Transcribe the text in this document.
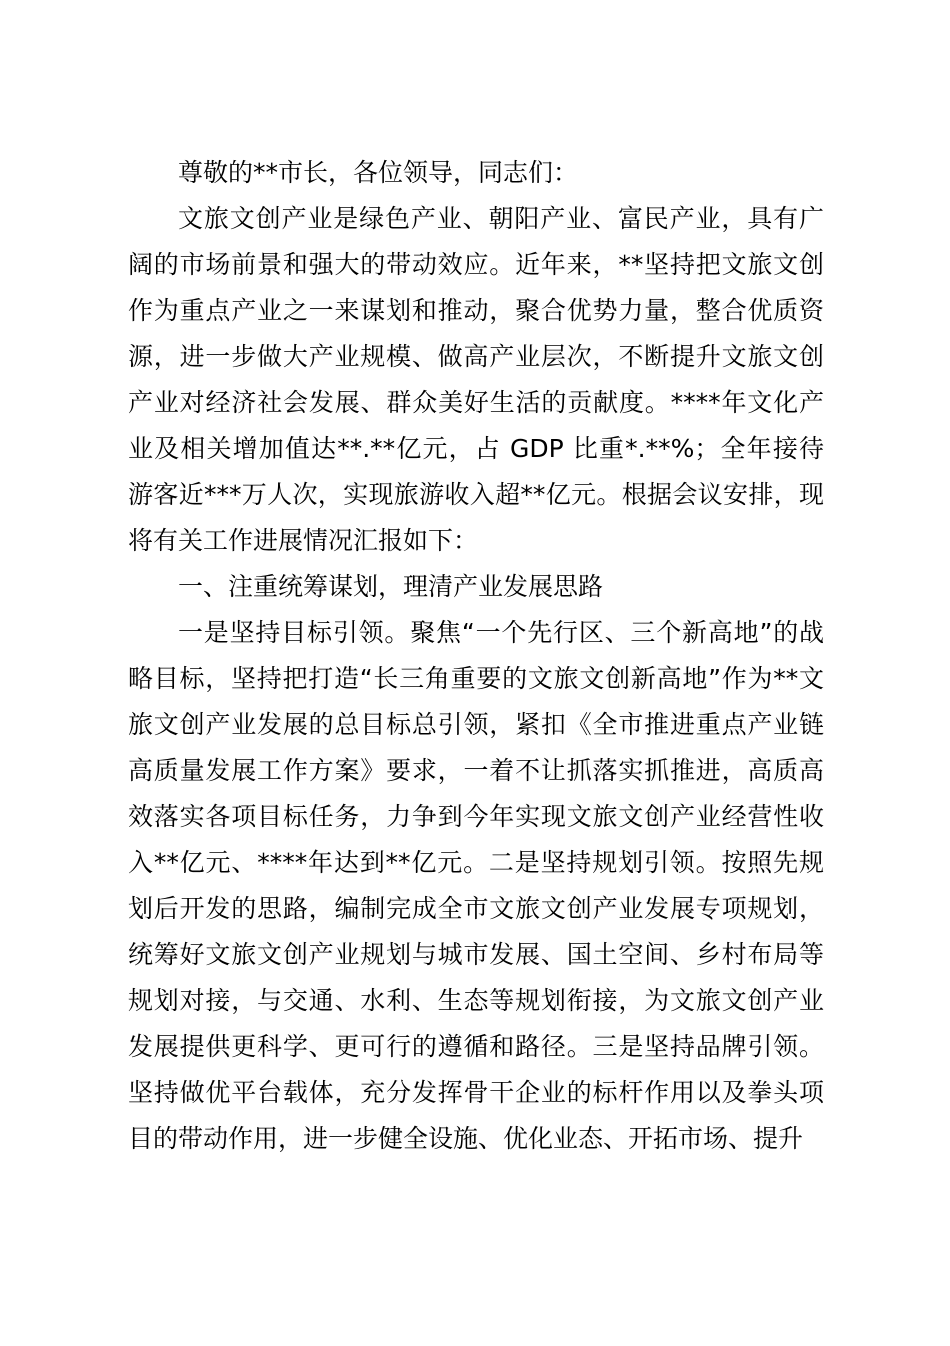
尊敬的**市长，各位领导，同志们：

文旅文创产业是绿色产业、朝阳产业、富民产业，具有广阔的市场前景和强大的带动效应。近年来，**坚持把文旅文创作为重点产业之一来谋划和推动，聚合优势力量，整合优质资源，进一步做大产业规模、做高产业层次，不断提升文旅文创产业对经济社会发展、群众美好生活的贡献度。****年文化产业及相关增加值达**.**亿元，占 GDP 比重*.**%；全年接待游客近***万人次，实现旅游收入超**亿元。根据会议安排，现将有关工作进展情况汇报如下：

一、注重统筹谋划，理清产业发展思路

一是坚持目标引领。聚焦“一个先行区、三个新高地”的战略目标，坚持把打造“长三角重要的文旅文创新高地”作为**文旅文创产业发展的总目标总引领，紧扣《全市推进重点产业链高质量发展工作方案》要求，一着不让抓落实抓推进，高质高效落实各项目标任务，力争到今年实现文旅文创产业经营性收入**亿元、****年达到**亿元。二是坚持规划引领。按照先规划后开发的思路，编制完成全市文旅文创产业发展专项规划，统筹好文旅文创产业规划与城市发展、国土空间、乡村布局等规划对接，与交通、水利、生态等规划衔接，为文旅文创产业发展提供更科学、更可行的遵循和路径。三是坚持品牌引领。坚持做优平台载体，充分发挥骨干企业的标杆作用以及拳头项目的带动作用，进一步健全设施、优化业态、开拓市场、提升
